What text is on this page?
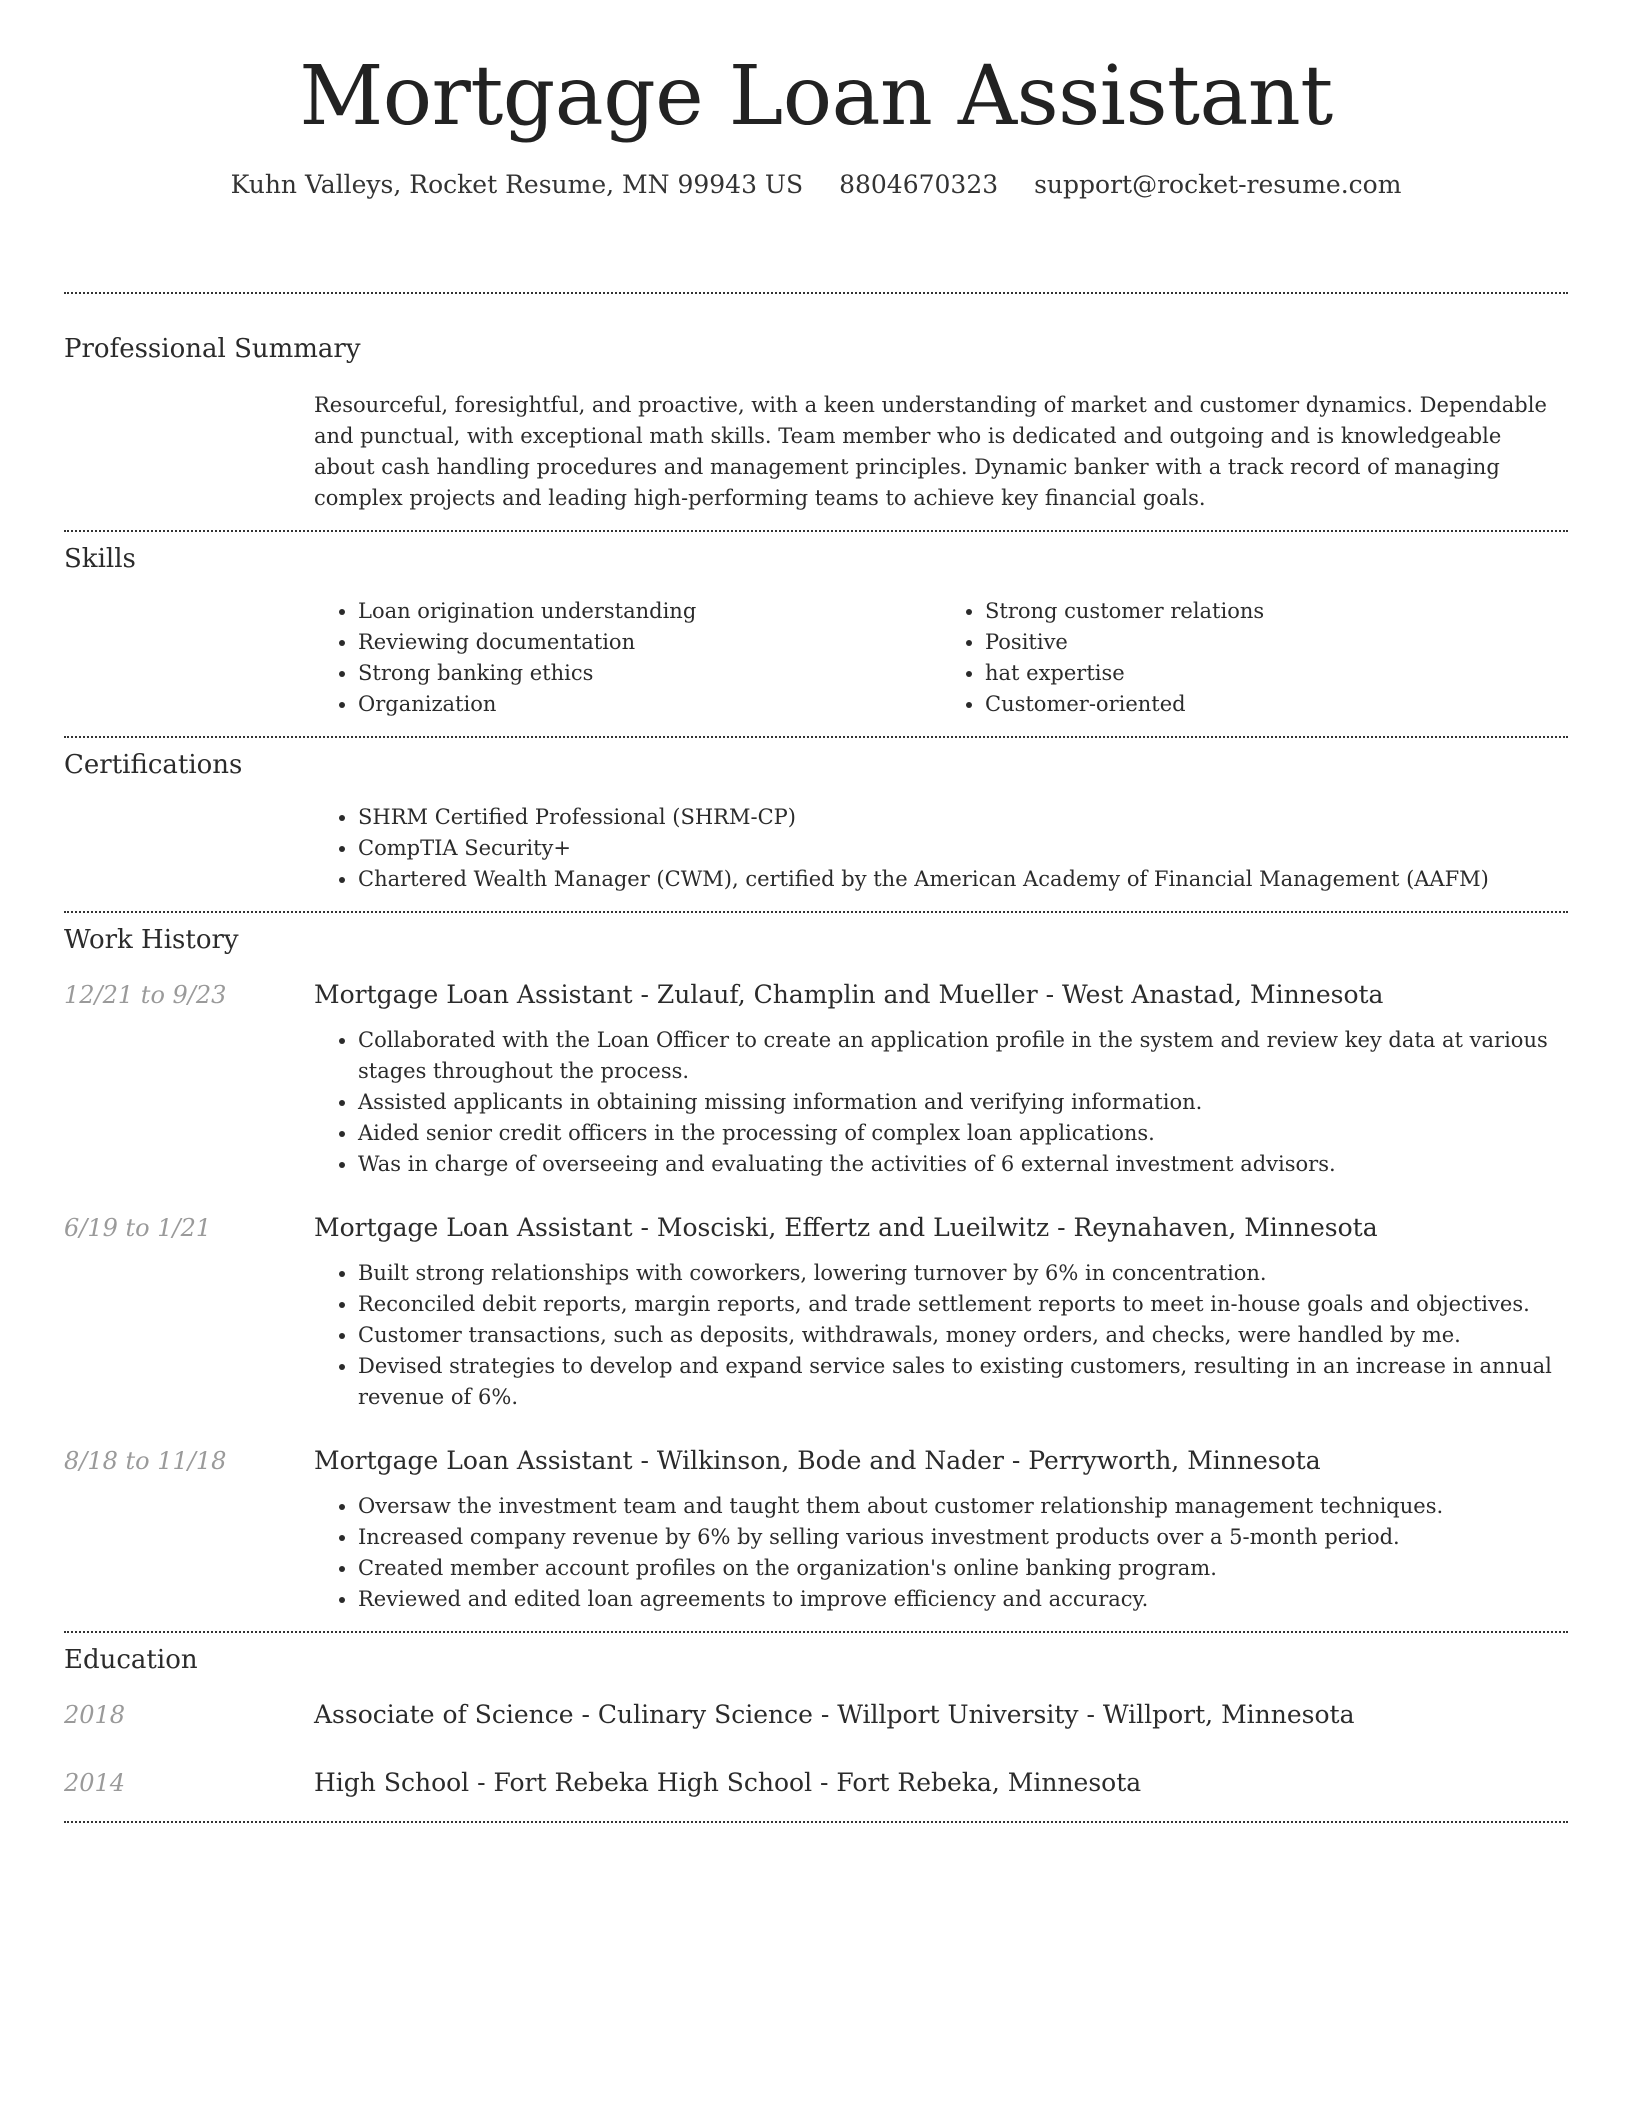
Mortgage Loan Assistant
Kuhn Valleys, Rocket Resume, MN 99943 US 8804670323 support@rocket-resume.com
Professional Summary

Resourceful, foresightful, and proactive, with a keen understanding of market and customer dynamics. Dependable and punctual, with exceptional math skills. Team member who is dedicated and outgoing and is knowledgeable about cash handling procedures and management principles. Dynamic banker with a track record of managing complex projects and leading high-performing teams to achieve key financial goals.

Skills
• Loan origination understanding
• Reviewing documentation
• Strong banking ethics
• Organization
• Strong customer relations
• Positive
• hat expertise
• Customer-oriented
Certifications
• SHRM Certified Professional (SHRM-CP)
• CompTIA Security+
• Chartered Wealth Manager (CWM), certified by the American Academy of Financial Management (AAFM)
Work History
12/21 to 9/23	Mortgage Loan Assistant - Zulauf, Champlin and Mueller - West Anastad, Minnesota
• Collaborated with the Loan Officer to create an application profile in the system and review key data at various stages throughout the process.
• Assisted applicants in obtaining missing information and verifying information.
• Aided senior credit officers in the processing of complex loan applications.
• Was in charge of overseeing and evaluating the activities of 6 external investment advisors.
6/19 to 1/21	Mortgage Loan Assistant - Mosciski, Effertz and Lueilwitz - Reynahaven, Minnesota
• Built strong relationships with coworkers, lowering turnover by 6% in concentration.
• Reconciled debit reports, margin reports, and trade settlement reports to meet in-house goals and objectives.
• Customer transactions, such as deposits, withdrawals, money orders, and checks, were handled by me.
• Devised strategies to develop and expand service sales to existing customers, resulting in an increase in annual revenue of 6%.
8/18 to 11/18	Mortgage Loan Assistant - Wilkinson, Bode and Nader - Perryworth, Minnesota
• Oversaw the investment team and taught them about customer relationship management techniques.
• Increased company revenue by 6% by selling various investment products over a 5-month period.
• Created member account profiles on the organization's online banking program.
• Reviewed and edited loan agreements to improve efficiency and accuracy.
Education
2018	Associate of Science - Culinary Science - Willport University - Willport, Minnesota
2014	High School - Fort Rebeka High School - Fort Rebeka, Minnesota
